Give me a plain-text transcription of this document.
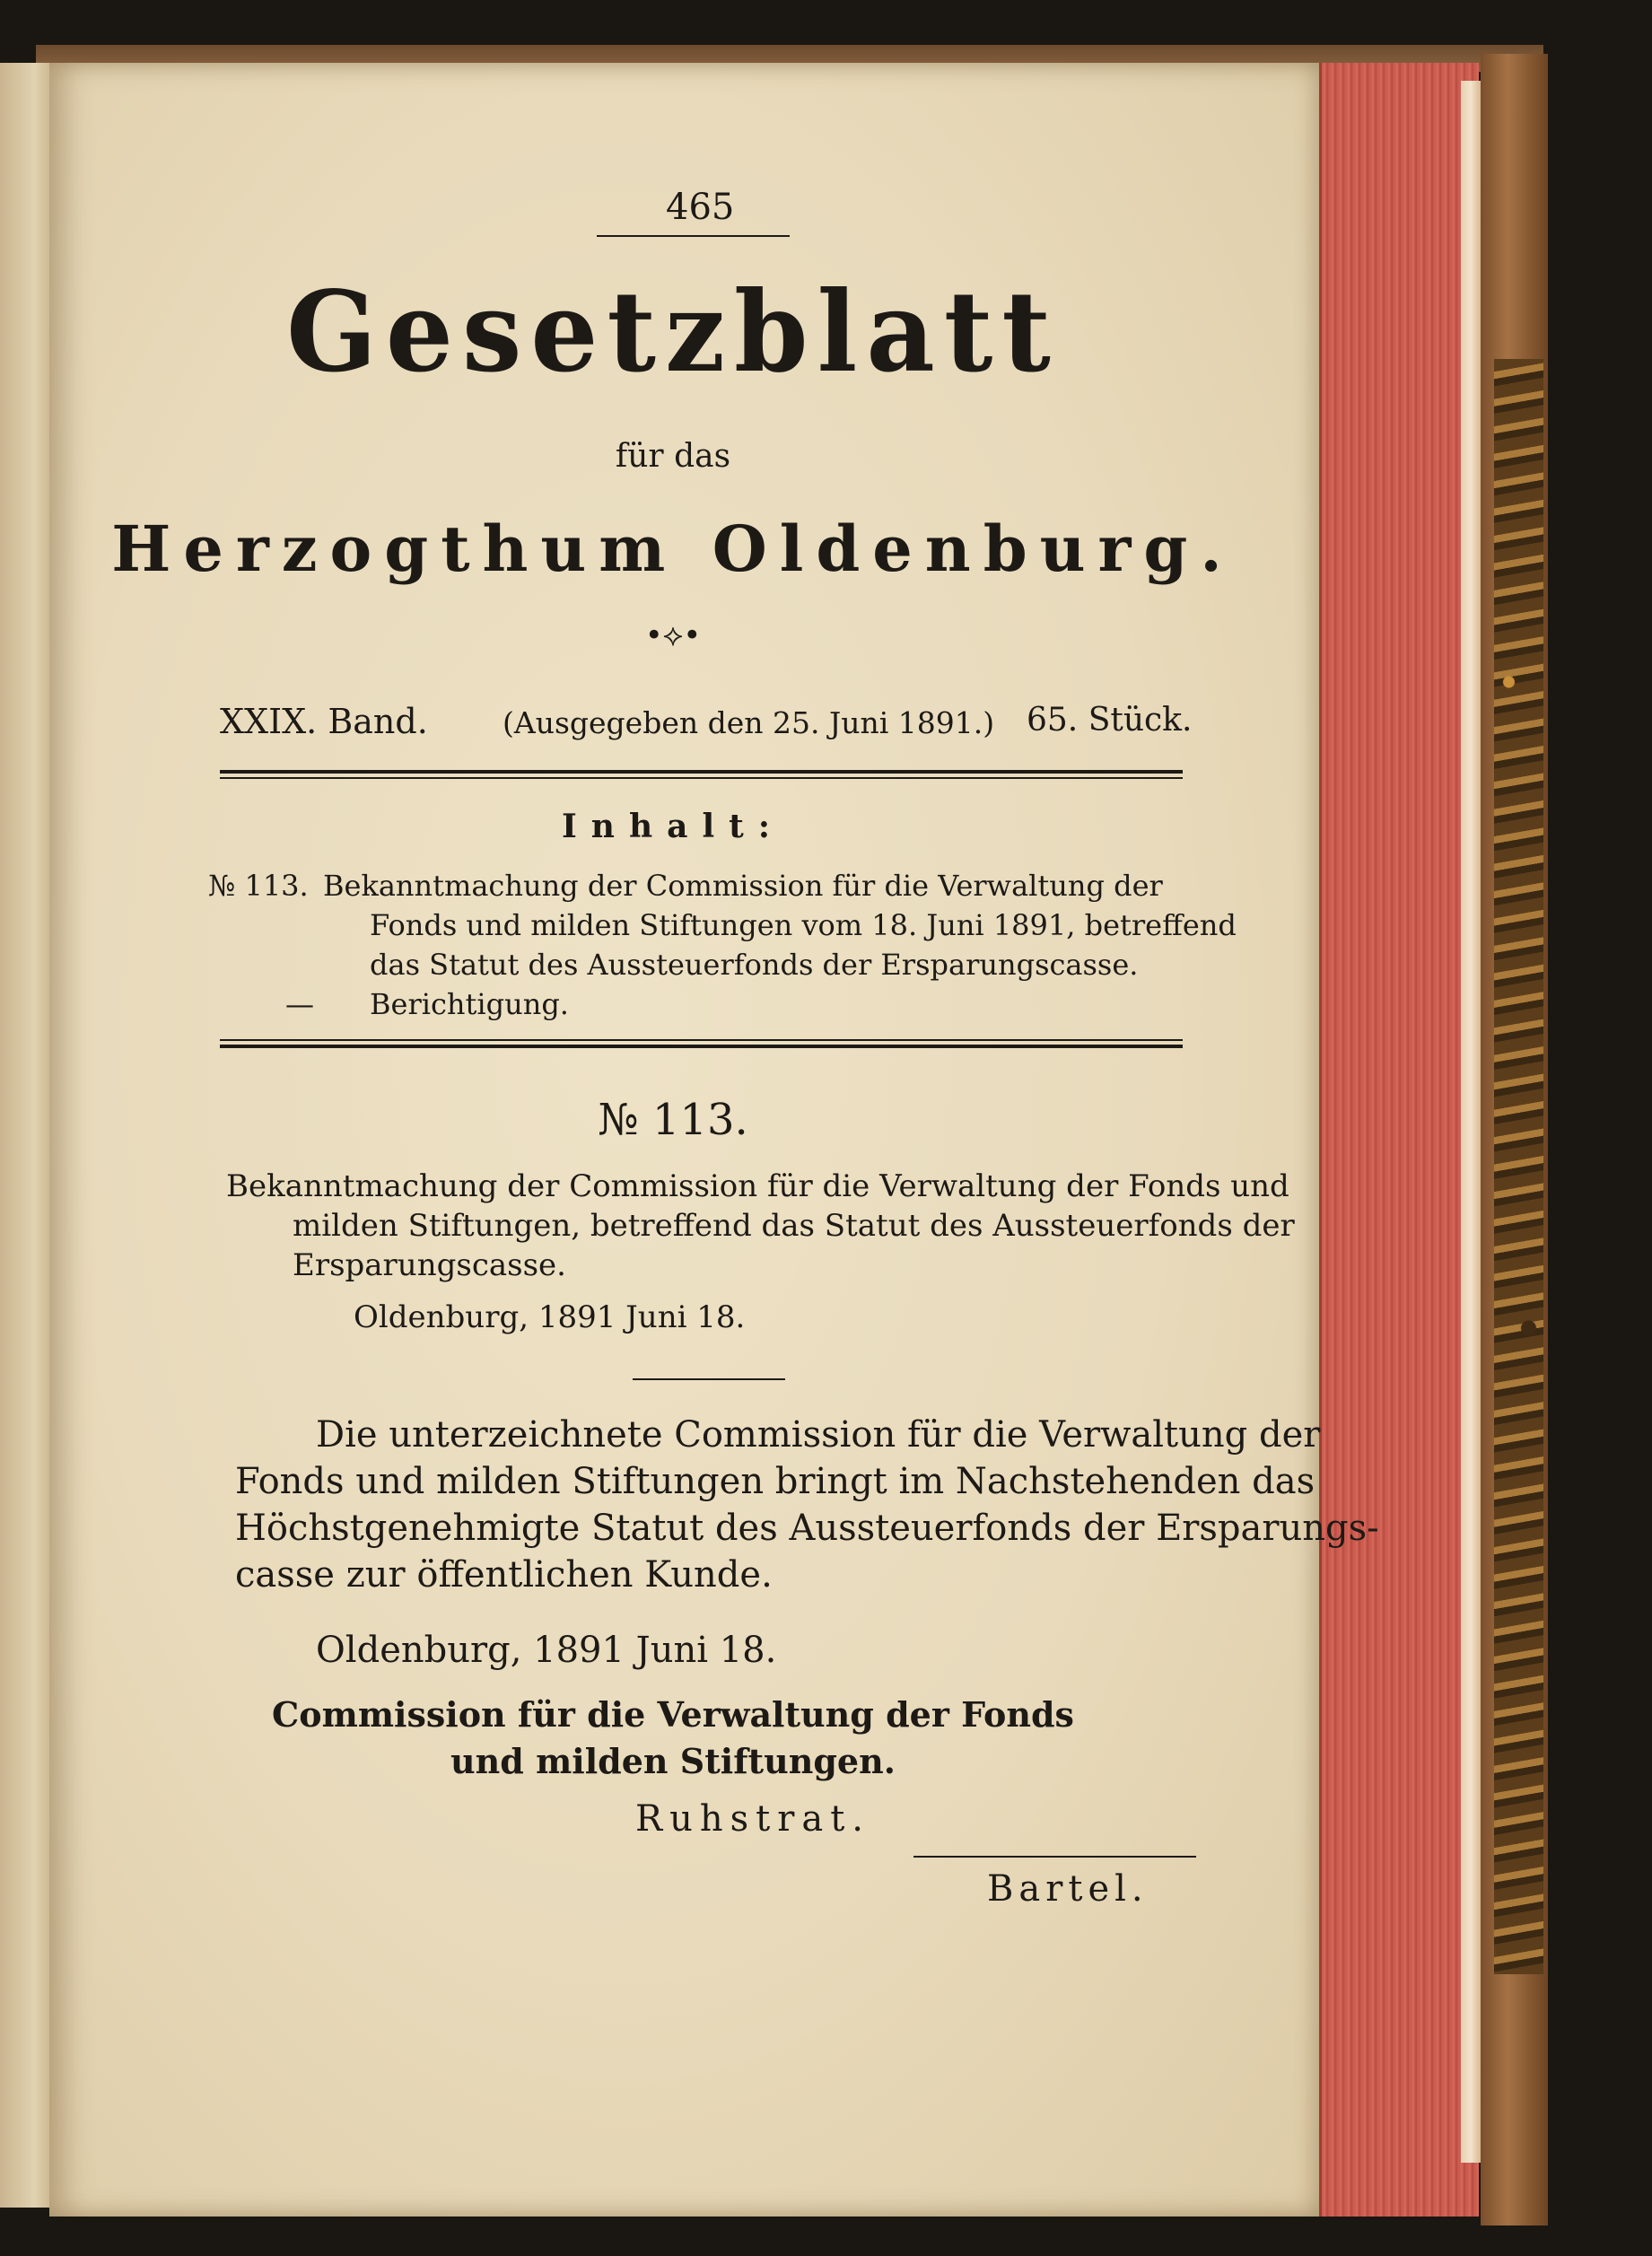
465
Gesetzblatt
für das
Herzogthum Oldenburg.
•⟡•
XXIX. Band.	(Ausgegeben den 25. Juni 1891.) 65. Stück.
Inhalt:
№ 113. Bekanntmachung der Commission für die Verwaltung der
Fonds und milden Stiftungen vom 18. Juni 1891, betreffend
das Statut des Aussteuerfonds der Ersparungscasse.
— Berichtigung.
№ 113.
Bekanntmachung der Commission für die Verwaltung der Fonds und
milden Stiftungen, betreffend das Statut des Aussteuerfonds der
Ersparungscasse.
Oldenburg, 1891 Juni 18.
Die unterzeichnete Commission für die Verwaltung der
Fonds und milden Stiftungen bringt im Nachstehenden das
Höchstgenehmigte Statut des Aussteuerfonds der Ersparungs-
casse zur öffentlichen Kunde.
Oldenburg, 1891 Juni 18.
Commission für die Verwaltung der Fonds
und milden Stiftungen.
Ruhstrat.
Bartel.
